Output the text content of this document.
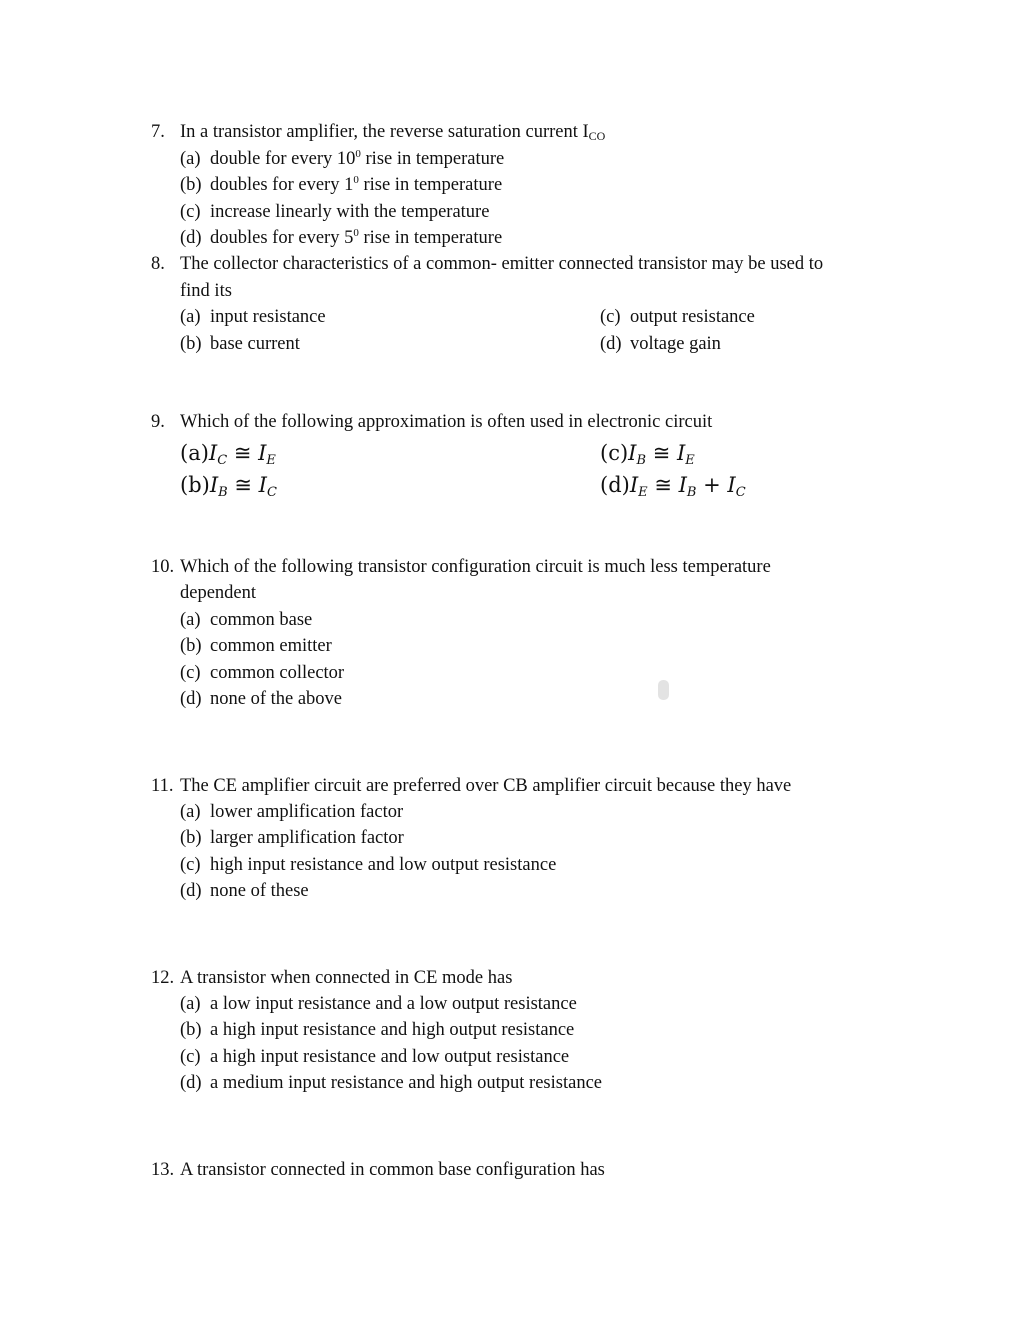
7. In a transistor amplifier, the reverse saturation current $I_{CO}$
(a) double for every $10^0$ rise in temperature
(b) doubles for every $1^0$ rise in temperature
(c) increase linearly with the temperature
(d) doubles for every $5^0$ rise in temperature
8. The collector characteristics of a common- emitter connected transistor may be used to
find its
(a) input resistance
(b) base current
(c) output resistance
(d) voltage gain
9. Which of the following approximation is often used in electronic circuit
$(a)I_C$ ≅ $I_E$
$(b)I_B$ ≅ $I_C$
$(c)I_B$ ≅ $I_E$
$(d)I_E$ ≅ $I_B + I_C$
10. Which of the following transistor configuration circuit is much less temperature
dependent
(a) common base
(b) common emitter
(c) common collector
(d) none of the above
11. The CE amplifier circuit are preferred over CB amplifier circuit because they have
(a) lower amplification factor
(b) larger amplification factor
(c) high input resistance and low output resistance
(d) none of these
12. A transistor when connected in CE mode has
(a) a low input resistance and a low output resistance
(b) a high input resistance and high output resistance
(c) a high input resistance and low output resistance
(d) a medium input resistance and high output resistance
13. A transistor connected in common base configuration has
